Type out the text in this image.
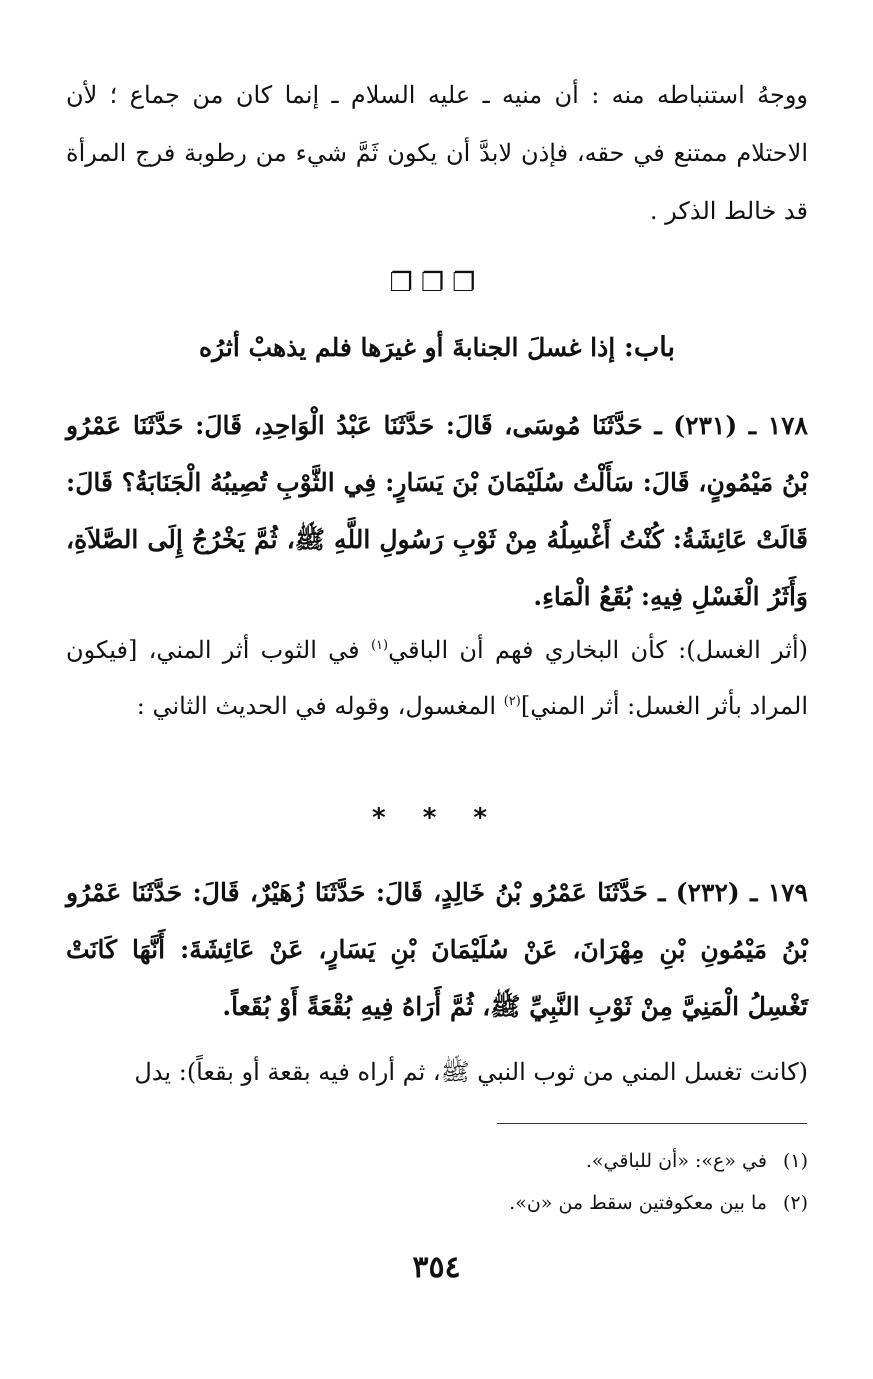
ووجهُ استنباطه منه : أن منيه ـ عليه السلام ـ إنما كان من جماع ؛ لأن الاحتلام ممتنع في حقه، فإذن لابدَّ أن يكون ثَمَّ شيء من رطوبة فرج المرأة قد خالط الذكر .

❐❐❐
باب: إذا غسلَ الجنابةَ أو غيرَها فلم يذهبْ أثرُه

١٧٨ ـ (٢٣١) ـ حَدَّثَنَا مُوسَى، قَالَ: حَدَّثَنَا عَبْدُ الْوَاحِدِ، قَالَ: حَدَّثَنَا عَمْرُو بْنُ مَيْمُونٍ، قَالَ: سَأَلْتُ سُلَيْمَانَ بْنَ يَسَارٍ: فِي الثَّوْبِ تُصِيبُهُ الْجَنَابَةُ؟ قَالَ: قَالَتْ عَائِشَةُ: كُنْتُ أَغْسِلُهُ مِنْ ثَوْبِ رَسُولِ اللَّهِ ﷺ، ثُمَّ يَخْرُجُ إِلَى الصَّلاَةِ، وَأَثَرُ الْغَسْلِ فِيهِ: بُقَعُ الْمَاءِ.

(أثر الغسل): كأن البخاري فهم أن الباقي$^{(١)}$ في الثوب أثر المني، [فيكون المراد بأثر الغسل: أثر المني]$^{(٢)}$ المغسول، وقوله في الحديث الثاني :

* * *

١٧٩ ـ (٢٣٢) ـ حَدَّثَنَا عَمْرُو بْنُ خَالِدٍ، قَالَ: حَدَّثَنَا زُهَيْرٌ، قَالَ: حَدَّثَنَا عَمْرُو بْنُ مَيْمُونِ بْنِ مِهْرَانَ، عَنْ سُلَيْمَانَ بْنِ يَسَارٍ، عَنْ عَائِشَةَ: أَنَّهَا كَانَتْ تَغْسِلُ الْمَنِيَّ مِنْ ثَوْبِ النَّبِيِّ ﷺ، ثُمَّ أَرَاهُ فِيهِ بُقْعَةً أَوْ بُقَعاً.

(كانت تغسل المني من ثوب النبي ﷺ، ثم أراه فيه بقعة أو بقعاً): يدل

(١)في «ع»: «أن للباقي».

(٢)ما بين معكوفتين سقط من «ن».

٣٥٤
